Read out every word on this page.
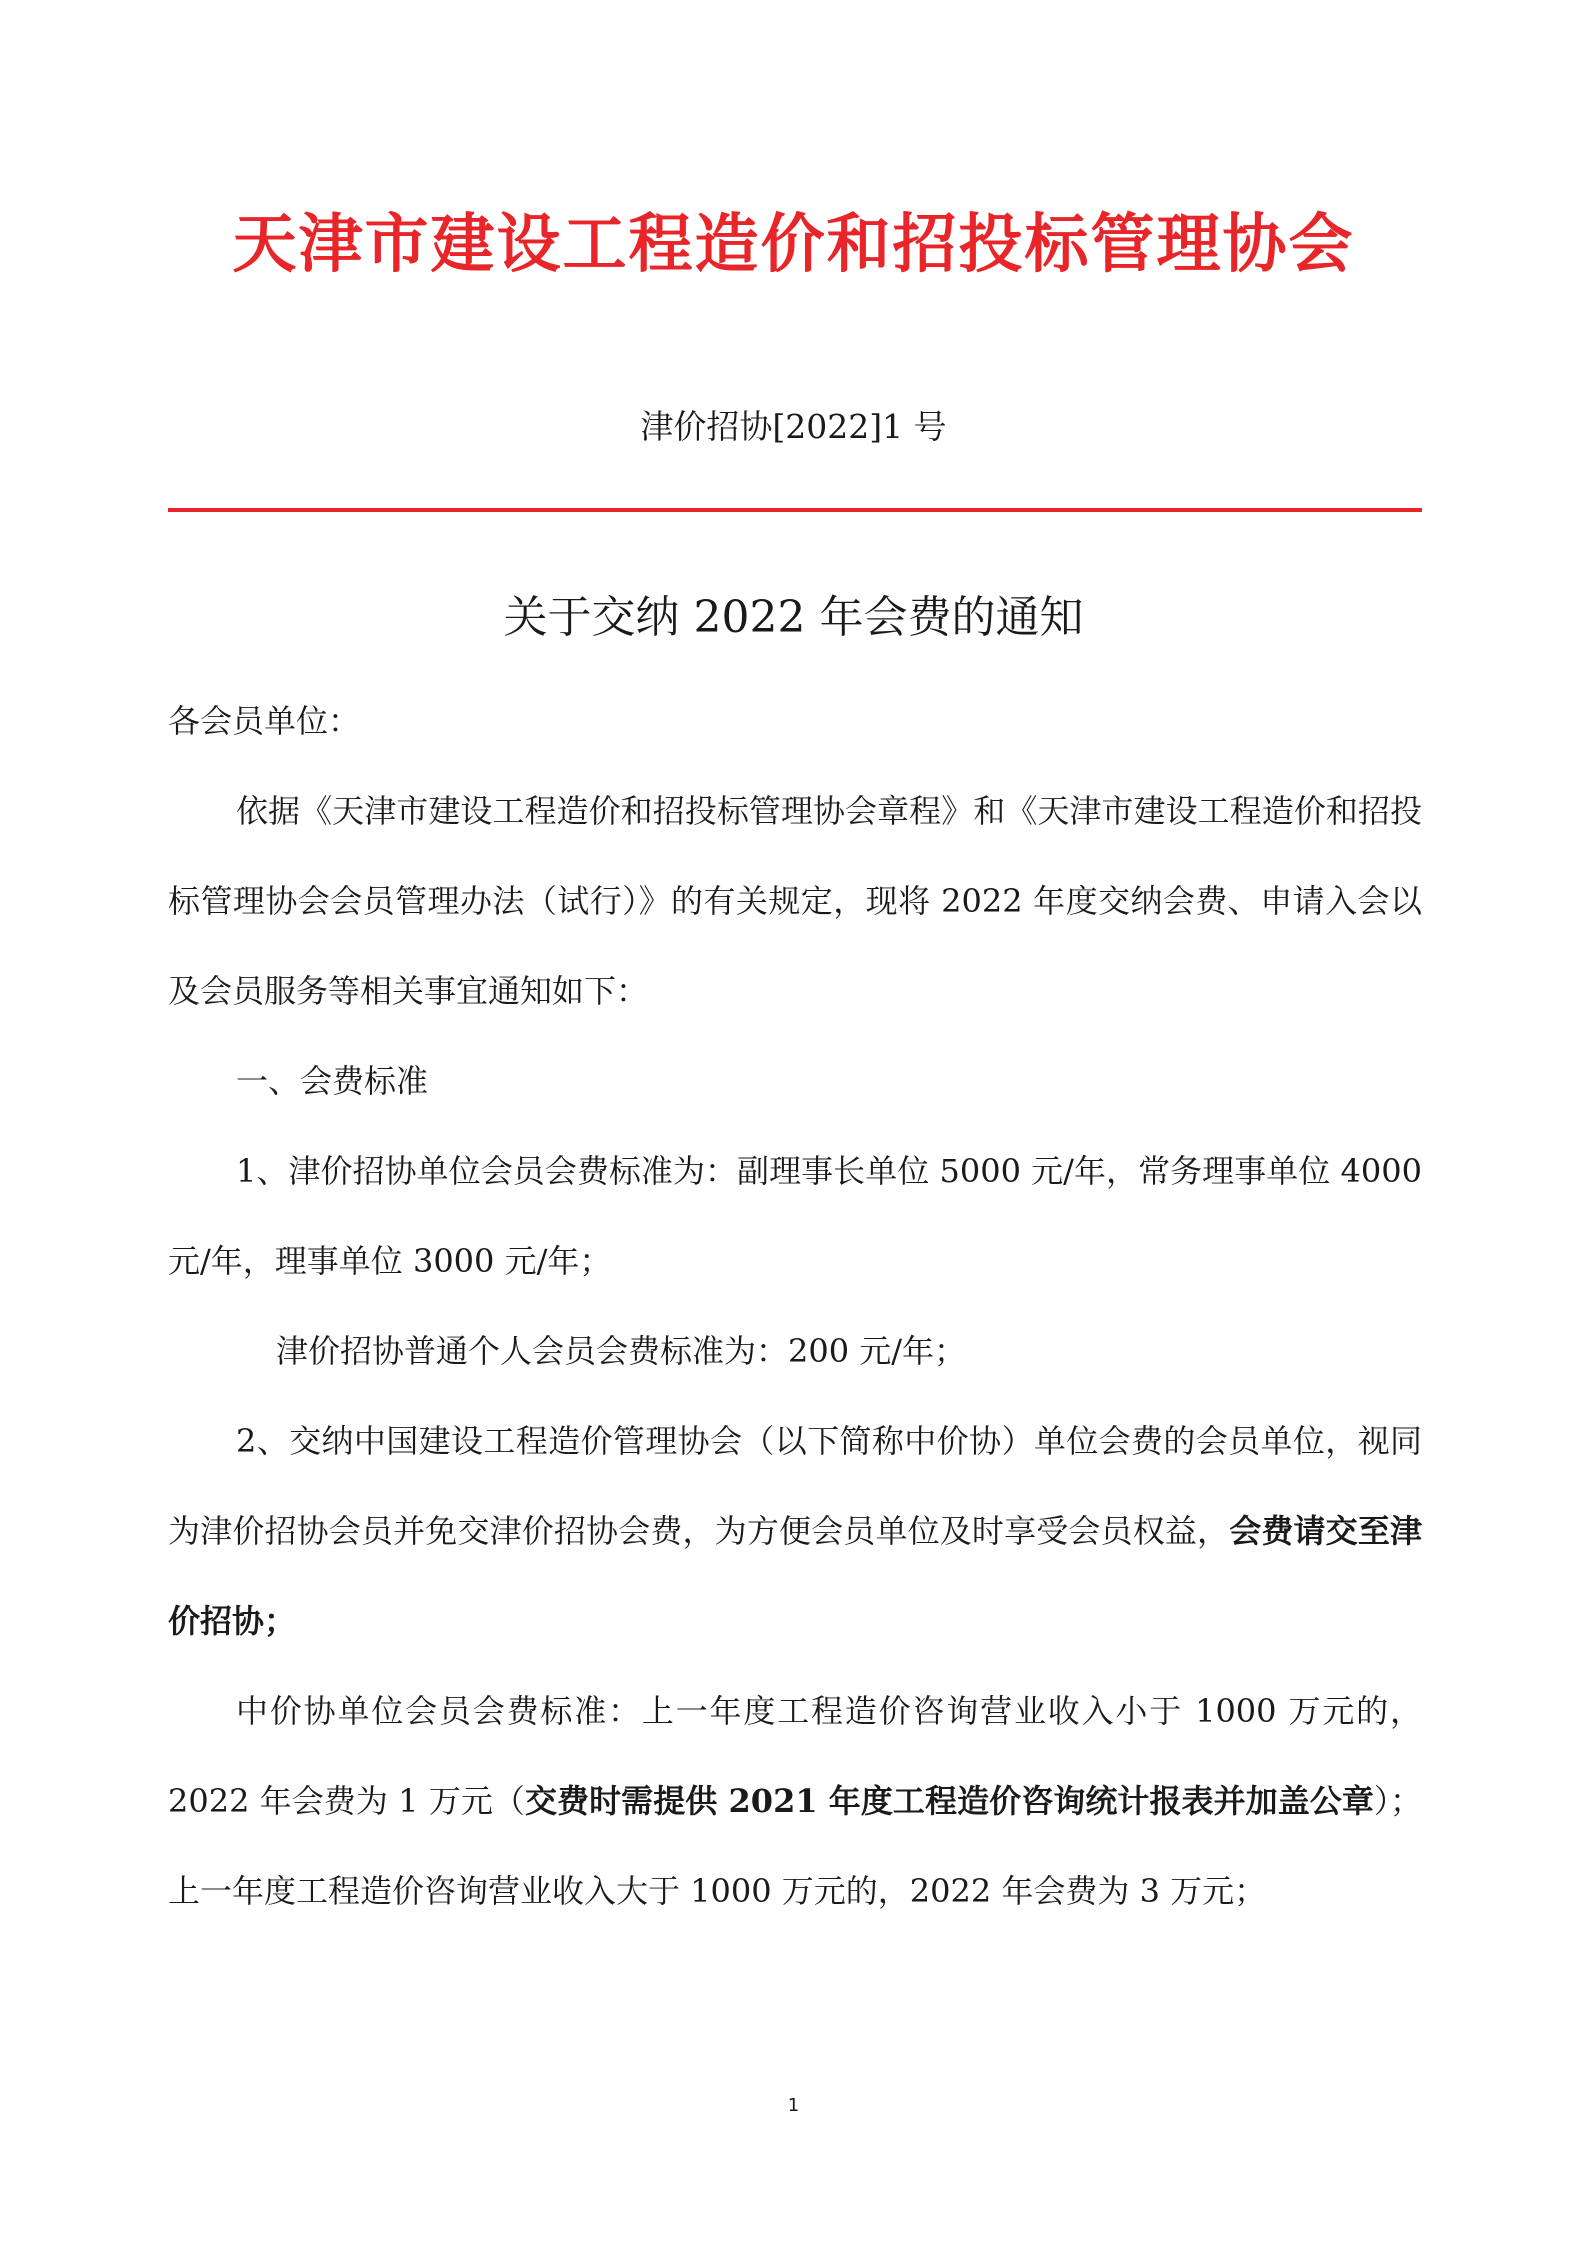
天津市建设工程造价和招投标管理协会
津价招协[2022]1 号
关于交纳 2022 年会费的通知

各会员单位：

依据《天津市建设工程造价和招投标管理协会章程》和《天津市建设工程造价和招投标管理协会会员管理办法（试行）》的有关规定，现将 2022 年度交纳会费、申请入会以及会员服务等相关事宜通知如下：

一、会费标准

1、津价招协单位会员会费标准为：副理事长单位 5000 元/年，常务理事单位 4000 元/年，理事单位 3000 元/年；

津价招协普通个人会员会费标准为：200 元/年；

2、交纳中国建设工程造价管理协会（以下简称中价协）单位会费的会员单位，视同为津价招协会员并免交津价招协会费，为方便会员单位及时享受会员权益，会费请交至津价招协；

中价协单位会员会费标准：上一年度工程造价咨询营业收入小于 1000 万元的，2022 年会费为 1 万元（交费时需提供 2021 年度工程造价咨询统计报表并加盖公章）；上一年度工程造价咨询营业收入大于 1000 万元的，2022 年会费为 3 万元；

1
